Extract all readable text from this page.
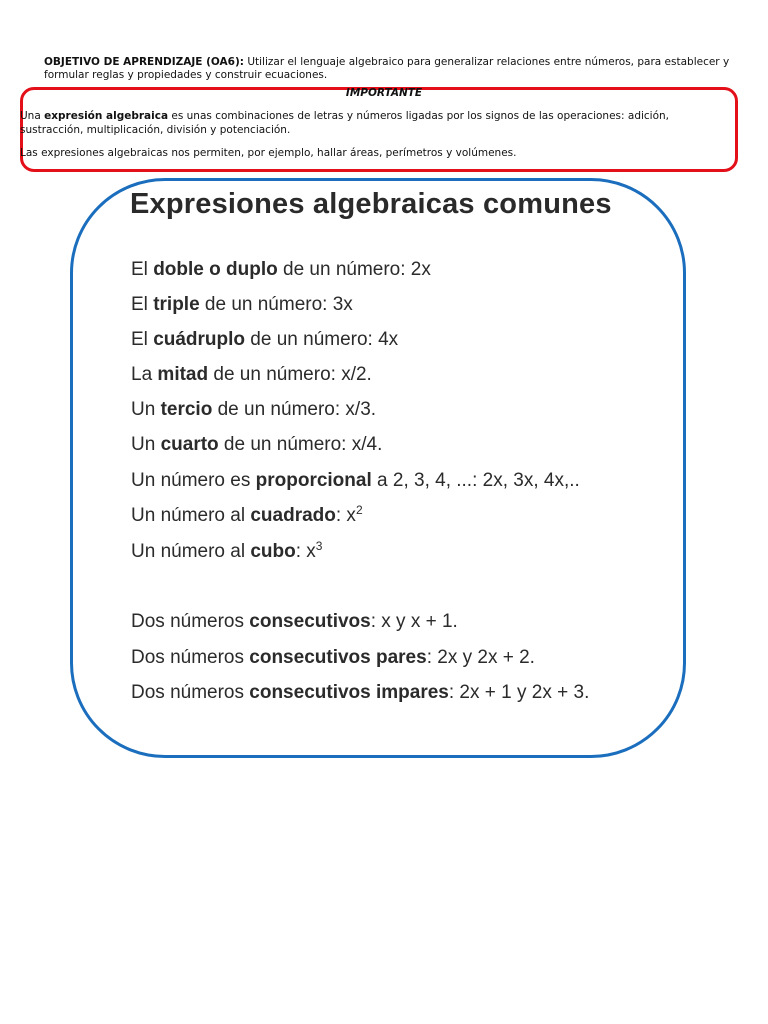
OBJETIVO DE APRENDIZAJE (OA6): Utilizar el lenguaje algebraico para generalizar relaciones entre números, para establecer y formular reglas y propiedades y construir ecuaciones.

IMPORTANTE

Una expresión algebraica es unas combinaciones de letras y números ligadas por los signos de las operaciones: adición, sustracción, multiplicación, división y potenciación.

Las expresiones algebraicas nos permiten, por ejemplo, hallar áreas, perímetros y volúmenes.

Expresiones algebraicas comunes

El doble o duplo de un número: 2x

El triple de un número: 3x

El cuádruplo de un número: 4x

La mitad de un número: x/2.

Un tercio de un número: x/3.

Un cuarto de un número: x/4.

Un número es proporcional a 2, 3, 4, ...: 2x, 3x, 4x,..

Un número al cuadrado: $x^2$

Un número al cubo: $x^3$

Dos números consecutivos: x y x + 1.

Dos números consecutivos pares: 2x y 2x + 2.

Dos números consecutivos impares: 2x + 1 y 2x + 3.
